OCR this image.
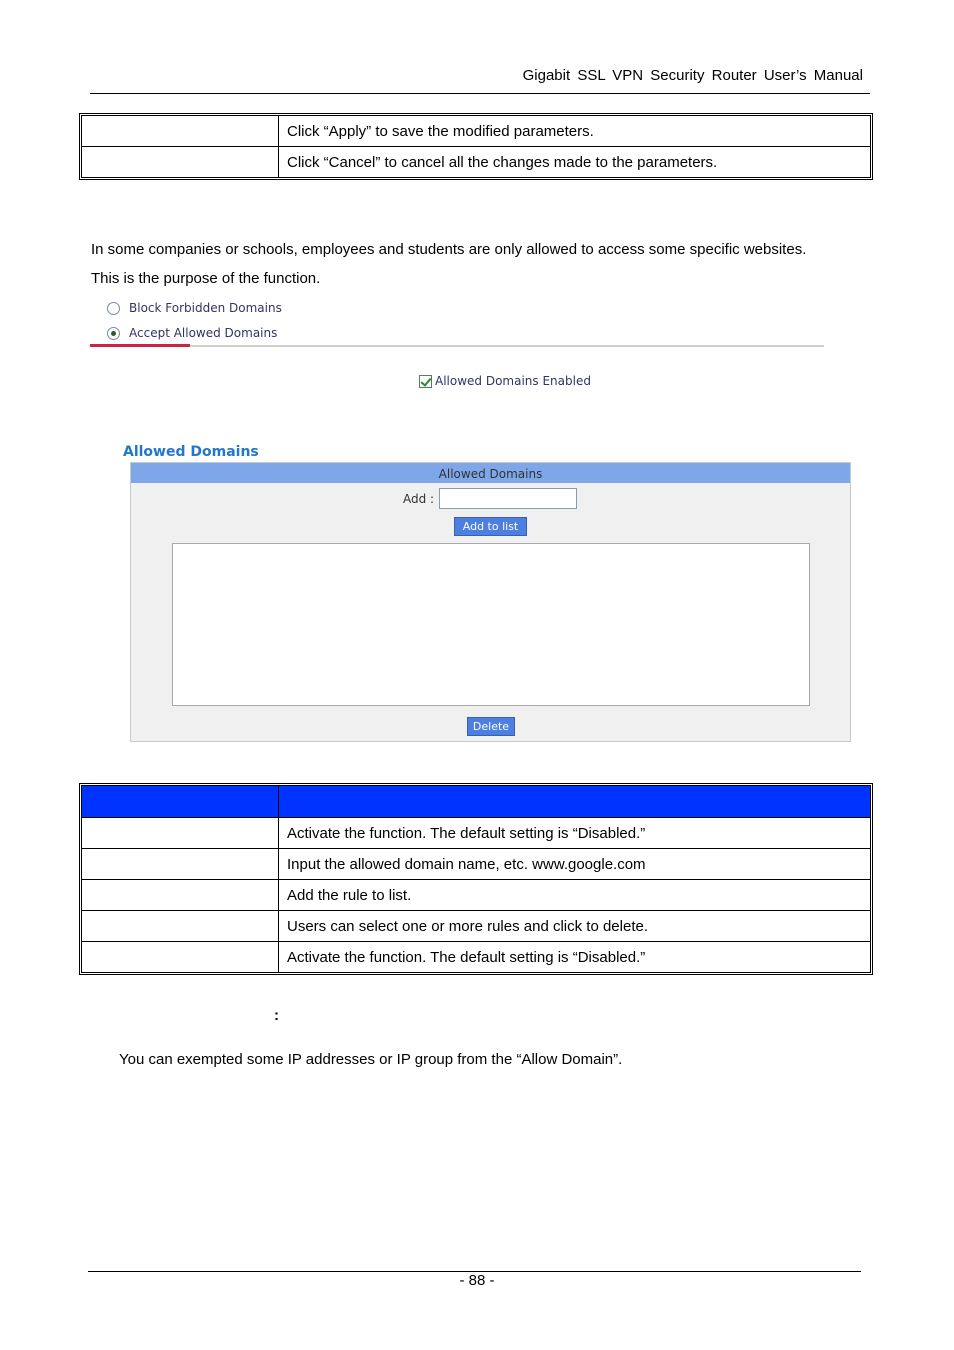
Gigabit SSL VPN Security Router User’s Manual
	Click “Apply” to save the modified parameters.
	Click “Cancel” to cancel all the changes made to the parameters.
In some companies or schools, employees and students are only allowed to access some specific websites.
This is the purpose of the function.
Block Forbidden Domains
Accept Allowed Domains
Allowed Domains Enabled
Allowed Domains
Allowed Domains
Add :
Add to list
Delete

	Activate the function. The default setting is “Disabled.”
	Input the allowed domain name, etc. www.google.com
	Add the rule to list.
	Users can select one or more rules and click to delete.
	Activate the function. The default setting is “Disabled.”
:
You can exempted some IP addresses or IP group from the “Allow Domain”.
- 88 -
